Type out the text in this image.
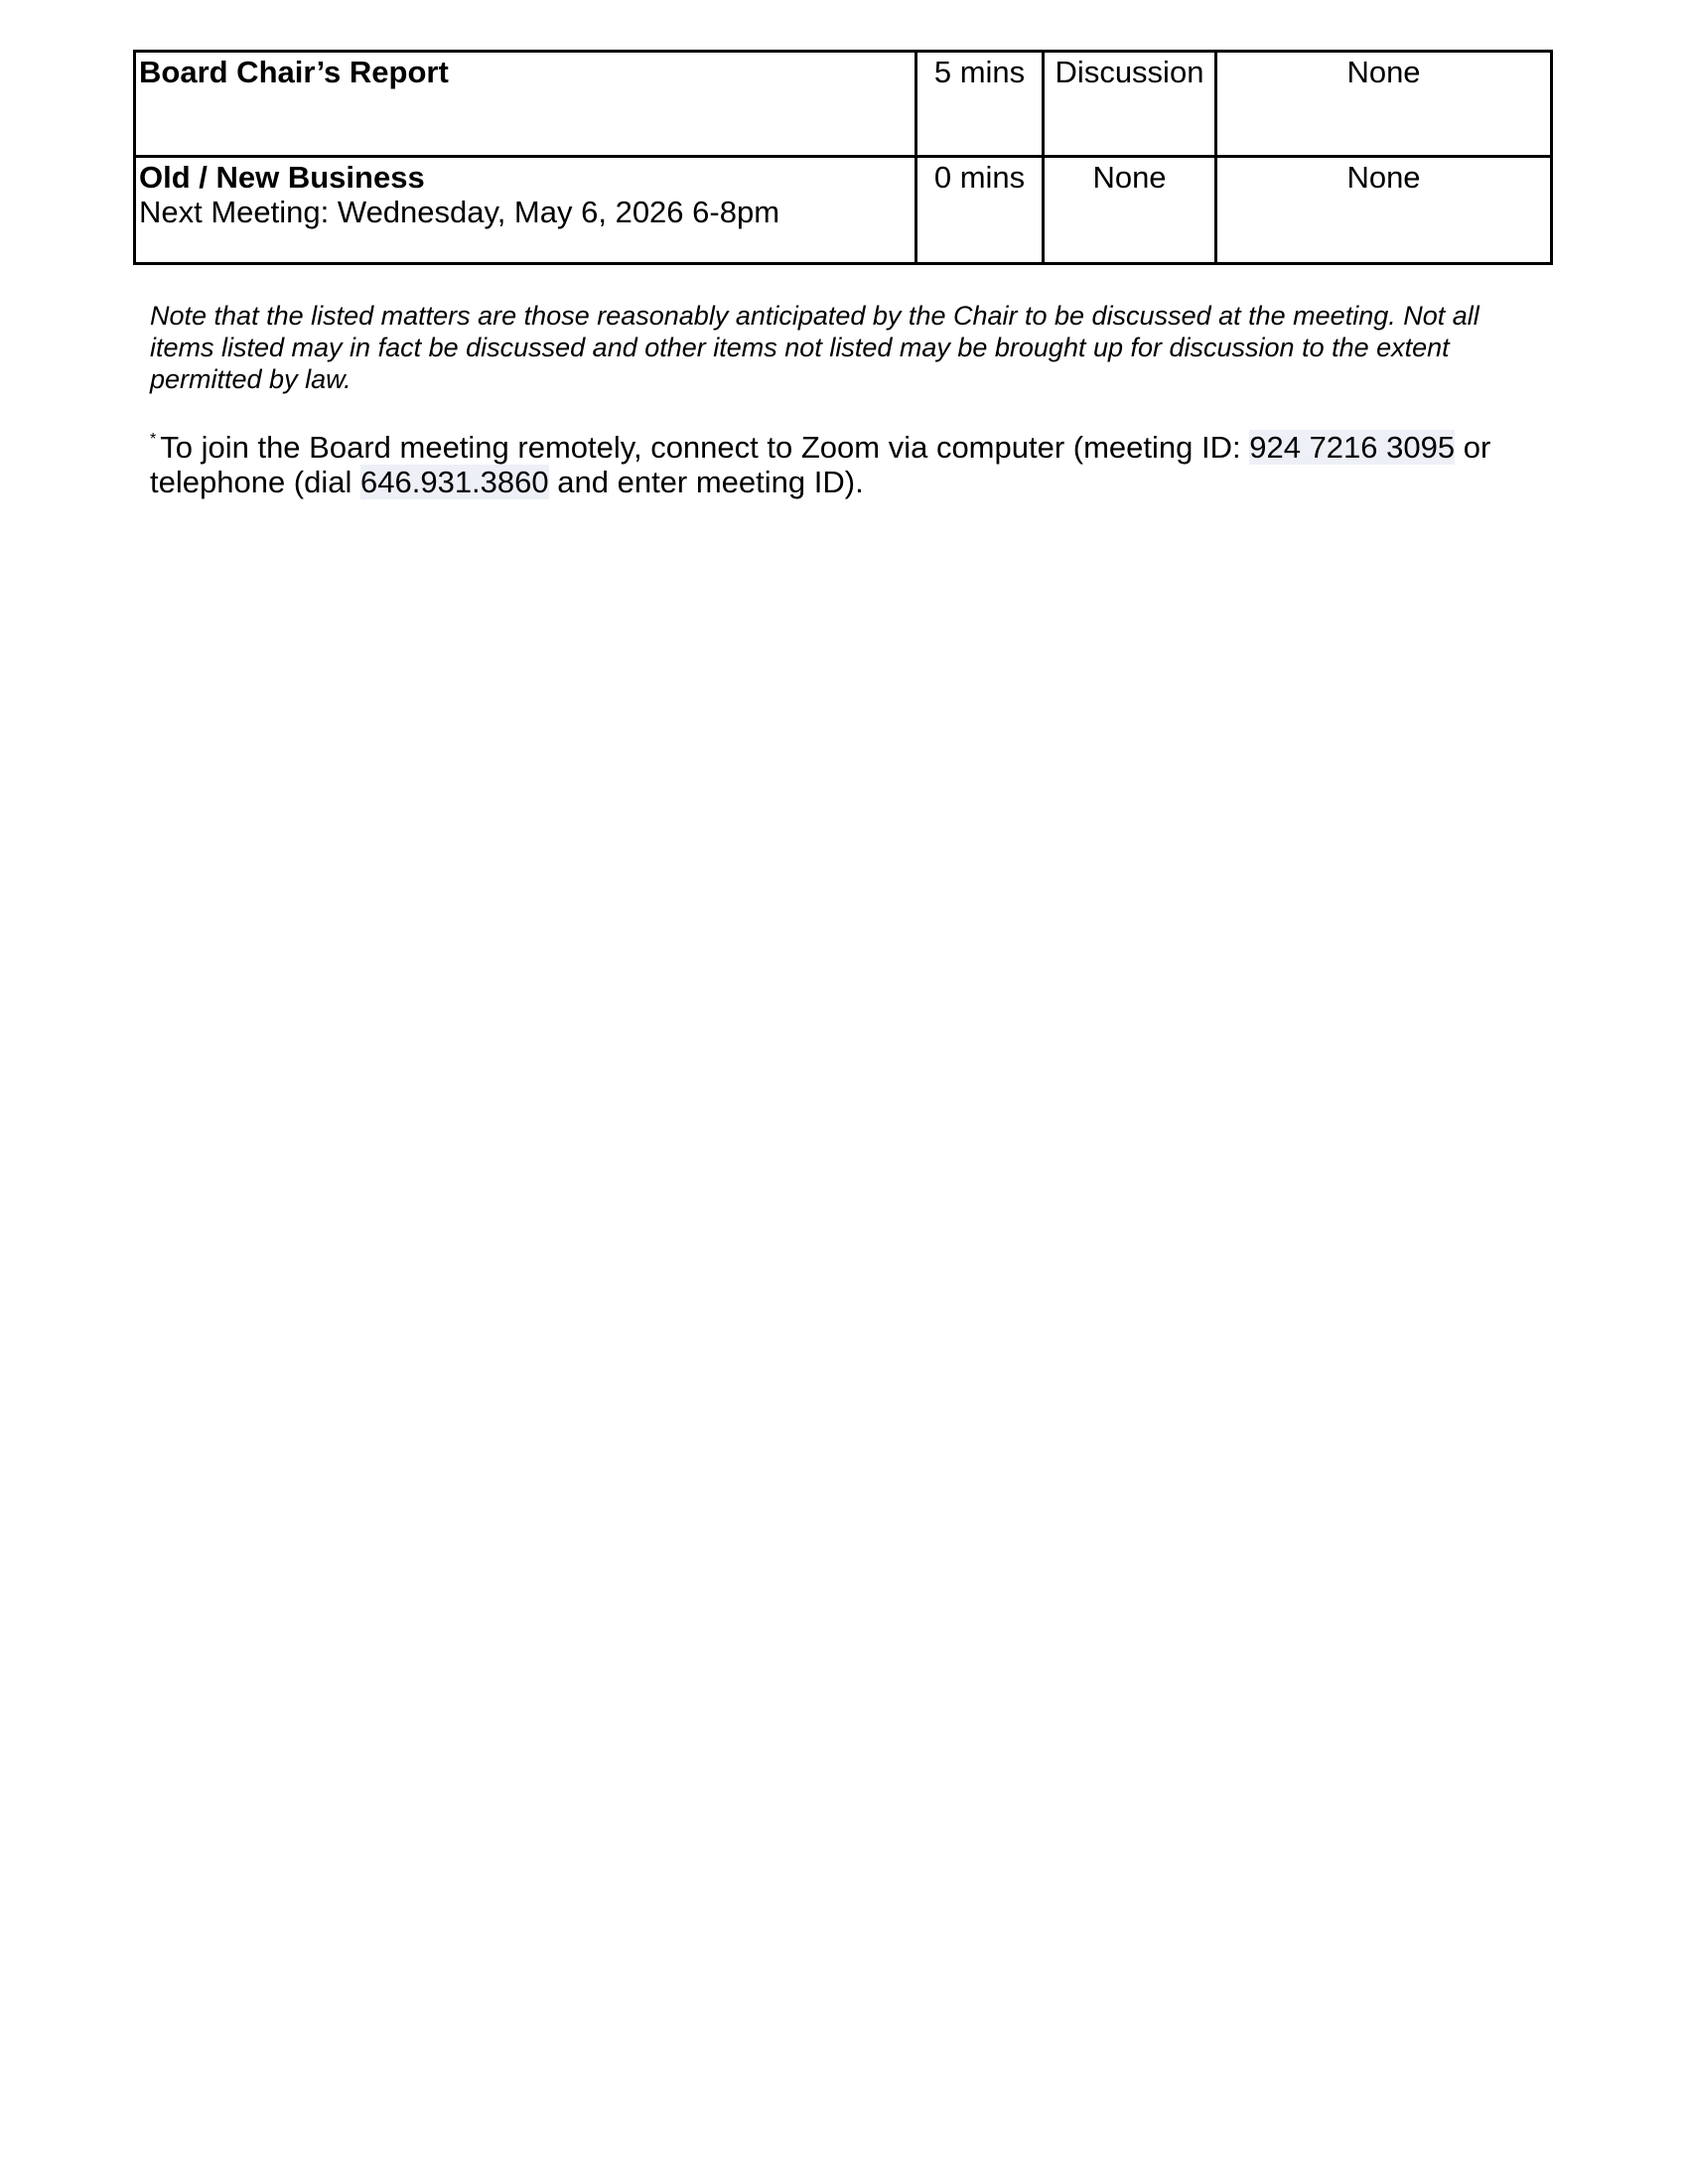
Board Chair’s Report	5 mins	Discussion	None

Old / New Business
Next Meeting: Wednesday, May 6, 2026 6-8pm	0 mins	None	None

Note that the listed matters are those reasonably anticipated by the Chair to be discussed at the meeting. Not all items listed may in fact be discussed and other items not listed may be brought up for discussion to the extent permitted by law.

* To join the Board meeting remotely, connect to Zoom via computer (meeting ID: 924 7216 3095 or telephone (dial 646.931.3860 and enter meeting ID).
